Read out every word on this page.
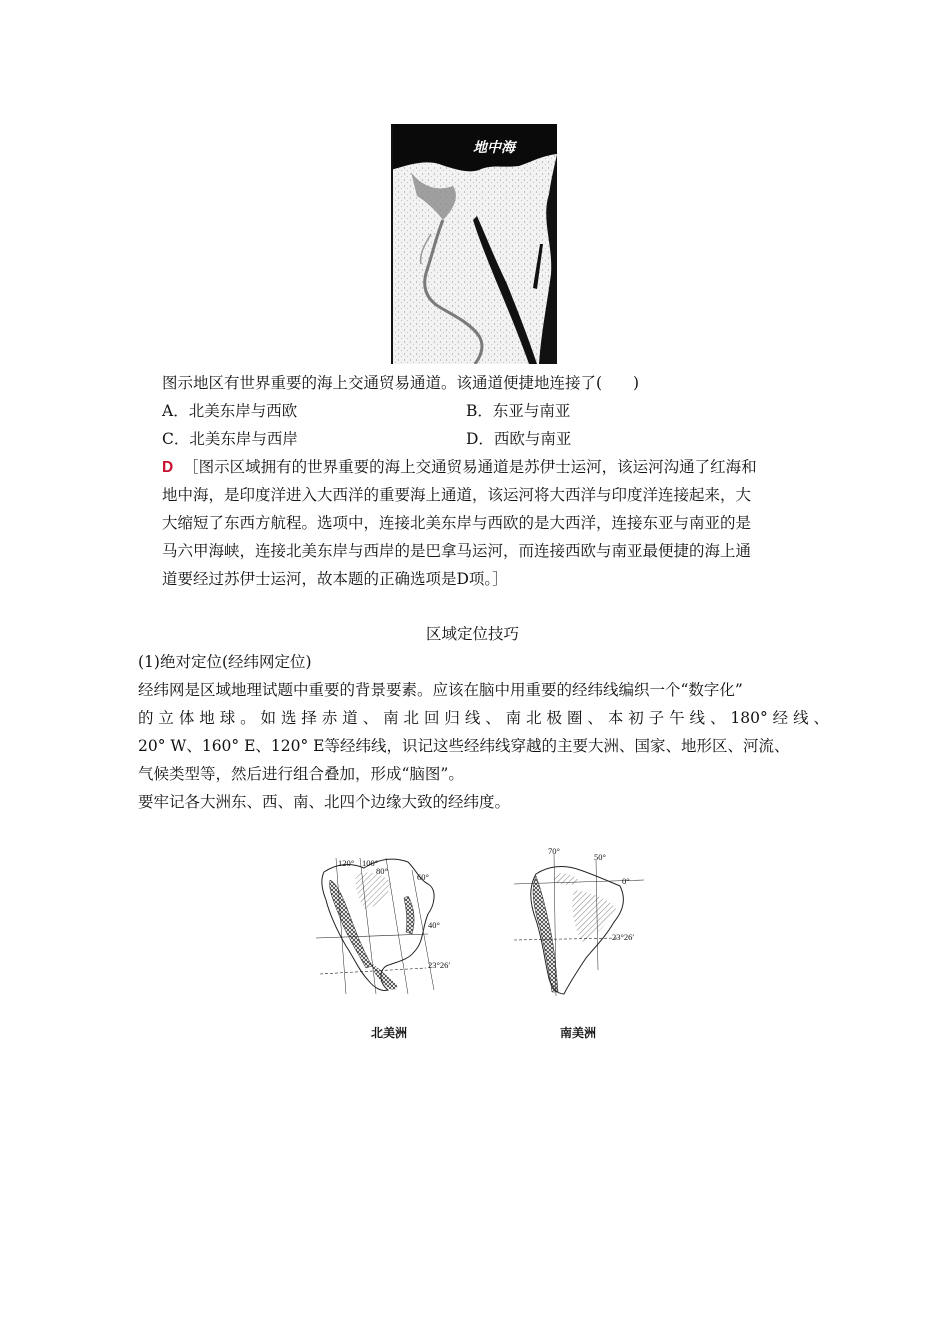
地中海
图示地区有世界重要的海上交通贸易通道。该通道便捷地连接了(　　)
A．北美东岸与西欧	B．东亚与南亚
C．北美东岸与西岸	D．西欧与南亚
D ［图示区域拥有的世界重要的海上交通贸易通道是苏伊士运河，该运河沟通了红海和
地中海，是印度洋进入大西洋的重要海上通道，该运河将大西洋与印度洋连接起来，大
大缩短了东西方航程。选项中，连接北美东岸与西欧的是大西洋，连接东亚与南亚的是
马六甲海峡，连接北美东岸与西岸的是巴拿马运河，而连接西欧与南亚最便捷的海上通
道要经过苏伊士运河，故本题的正确选项是D项。］
区域定位技巧
(1)绝对定位(经纬网定位)
经纬网是区域地理试题中重要的背景要素。应该在脑中用重要的经纬线编织一个“数字化”
的 立 体 地 球 。 如 选 择 赤 道 、 南 北 回 归 线 、 南 北 极 圈 、 本 初 子 午 线 、 180° 经 线 、
20° W、160° E、120° E等经纬线，识记这些经纬线穿越的主要大洲、国家、地形区、河流、
气候类型等，然后进行组合叠加，形成“脑图”。
要牢记各大洲东、西、南、北四个边缘大致的经纬度。
120° 100°
80°
60°
40°
23°26′
70°
50°
0°
23°26′
北美洲	南美洲
